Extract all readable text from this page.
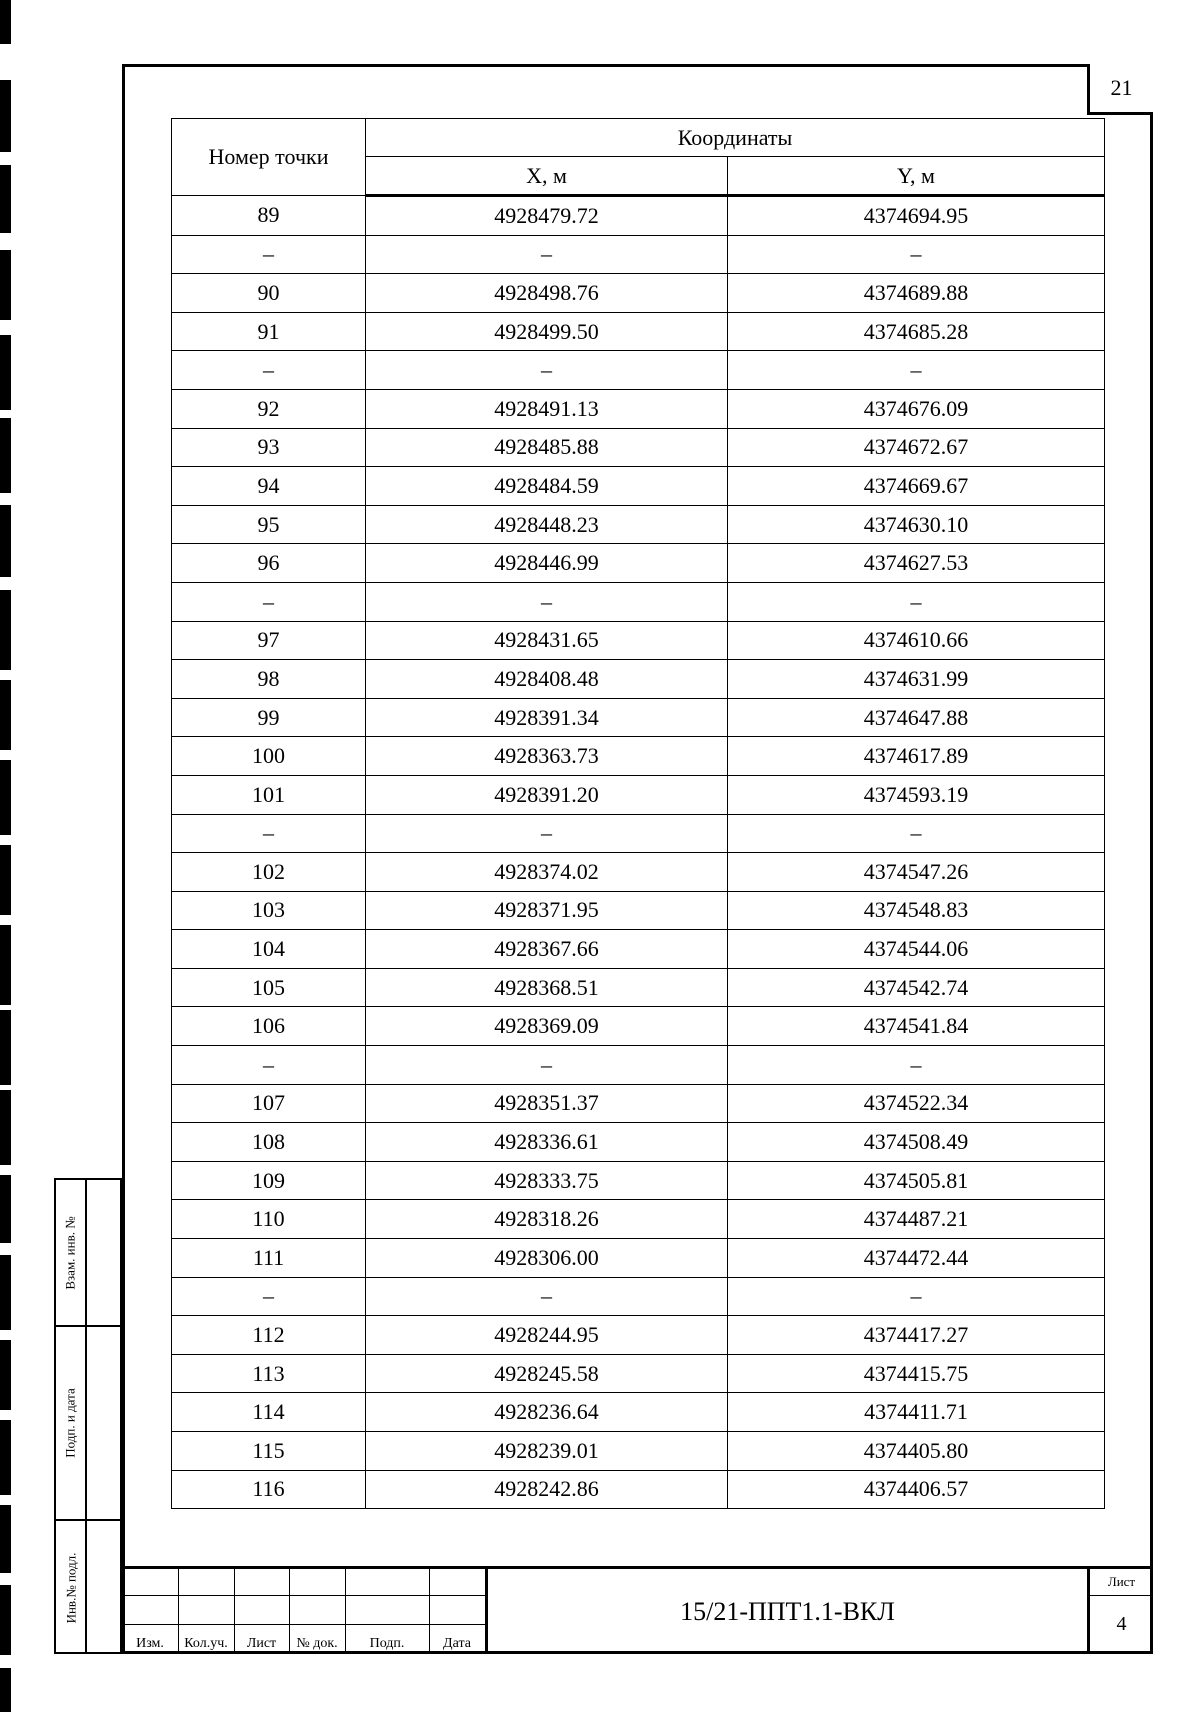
21
Номер точки	Координаты	
	X, м	Y, м
89	4928479.72	4374694.95
–	–	–
90	4928498.76	4374689.88
91	4928499.50	4374685.28
–	–	–
92	4928491.13	4374676.09
93	4928485.88	4374672.67
94	4928484.59	4374669.67
95	4928448.23	4374630.10
96	4928446.99	4374627.53
–	–	–
97	4928431.65	4374610.66
98	4928408.48	4374631.99
99	4928391.34	4374647.88
100	4928363.73	4374617.89
101	4928391.20	4374593.19
–	–	–
102	4928374.02	4374547.26
103	4928371.95	4374548.83
104	4928367.66	4374544.06
105	4928368.51	4374542.74
106	4928369.09	4374541.84
–	–	–
107	4928351.37	4374522.34
108	4928336.61	4374508.49
109	4928333.75	4374505.81
110	4928318.26	4374487.21
111	4928306.00	4374472.44
–	–	–
112	4928244.95	4374417.27
113	4928245.58	4374415.75
114	4928236.64	4374411.71
115	4928239.01	4374405.80
116	4928242.86	4374406.57
Взам. инв. №
Подп. и дата
Инв.№ подл.
Изм.	Кол.уч.	Лист	№ док.	Подп.	Дата
15/21-ППТ1.1-ВКЛ
Лист
4
